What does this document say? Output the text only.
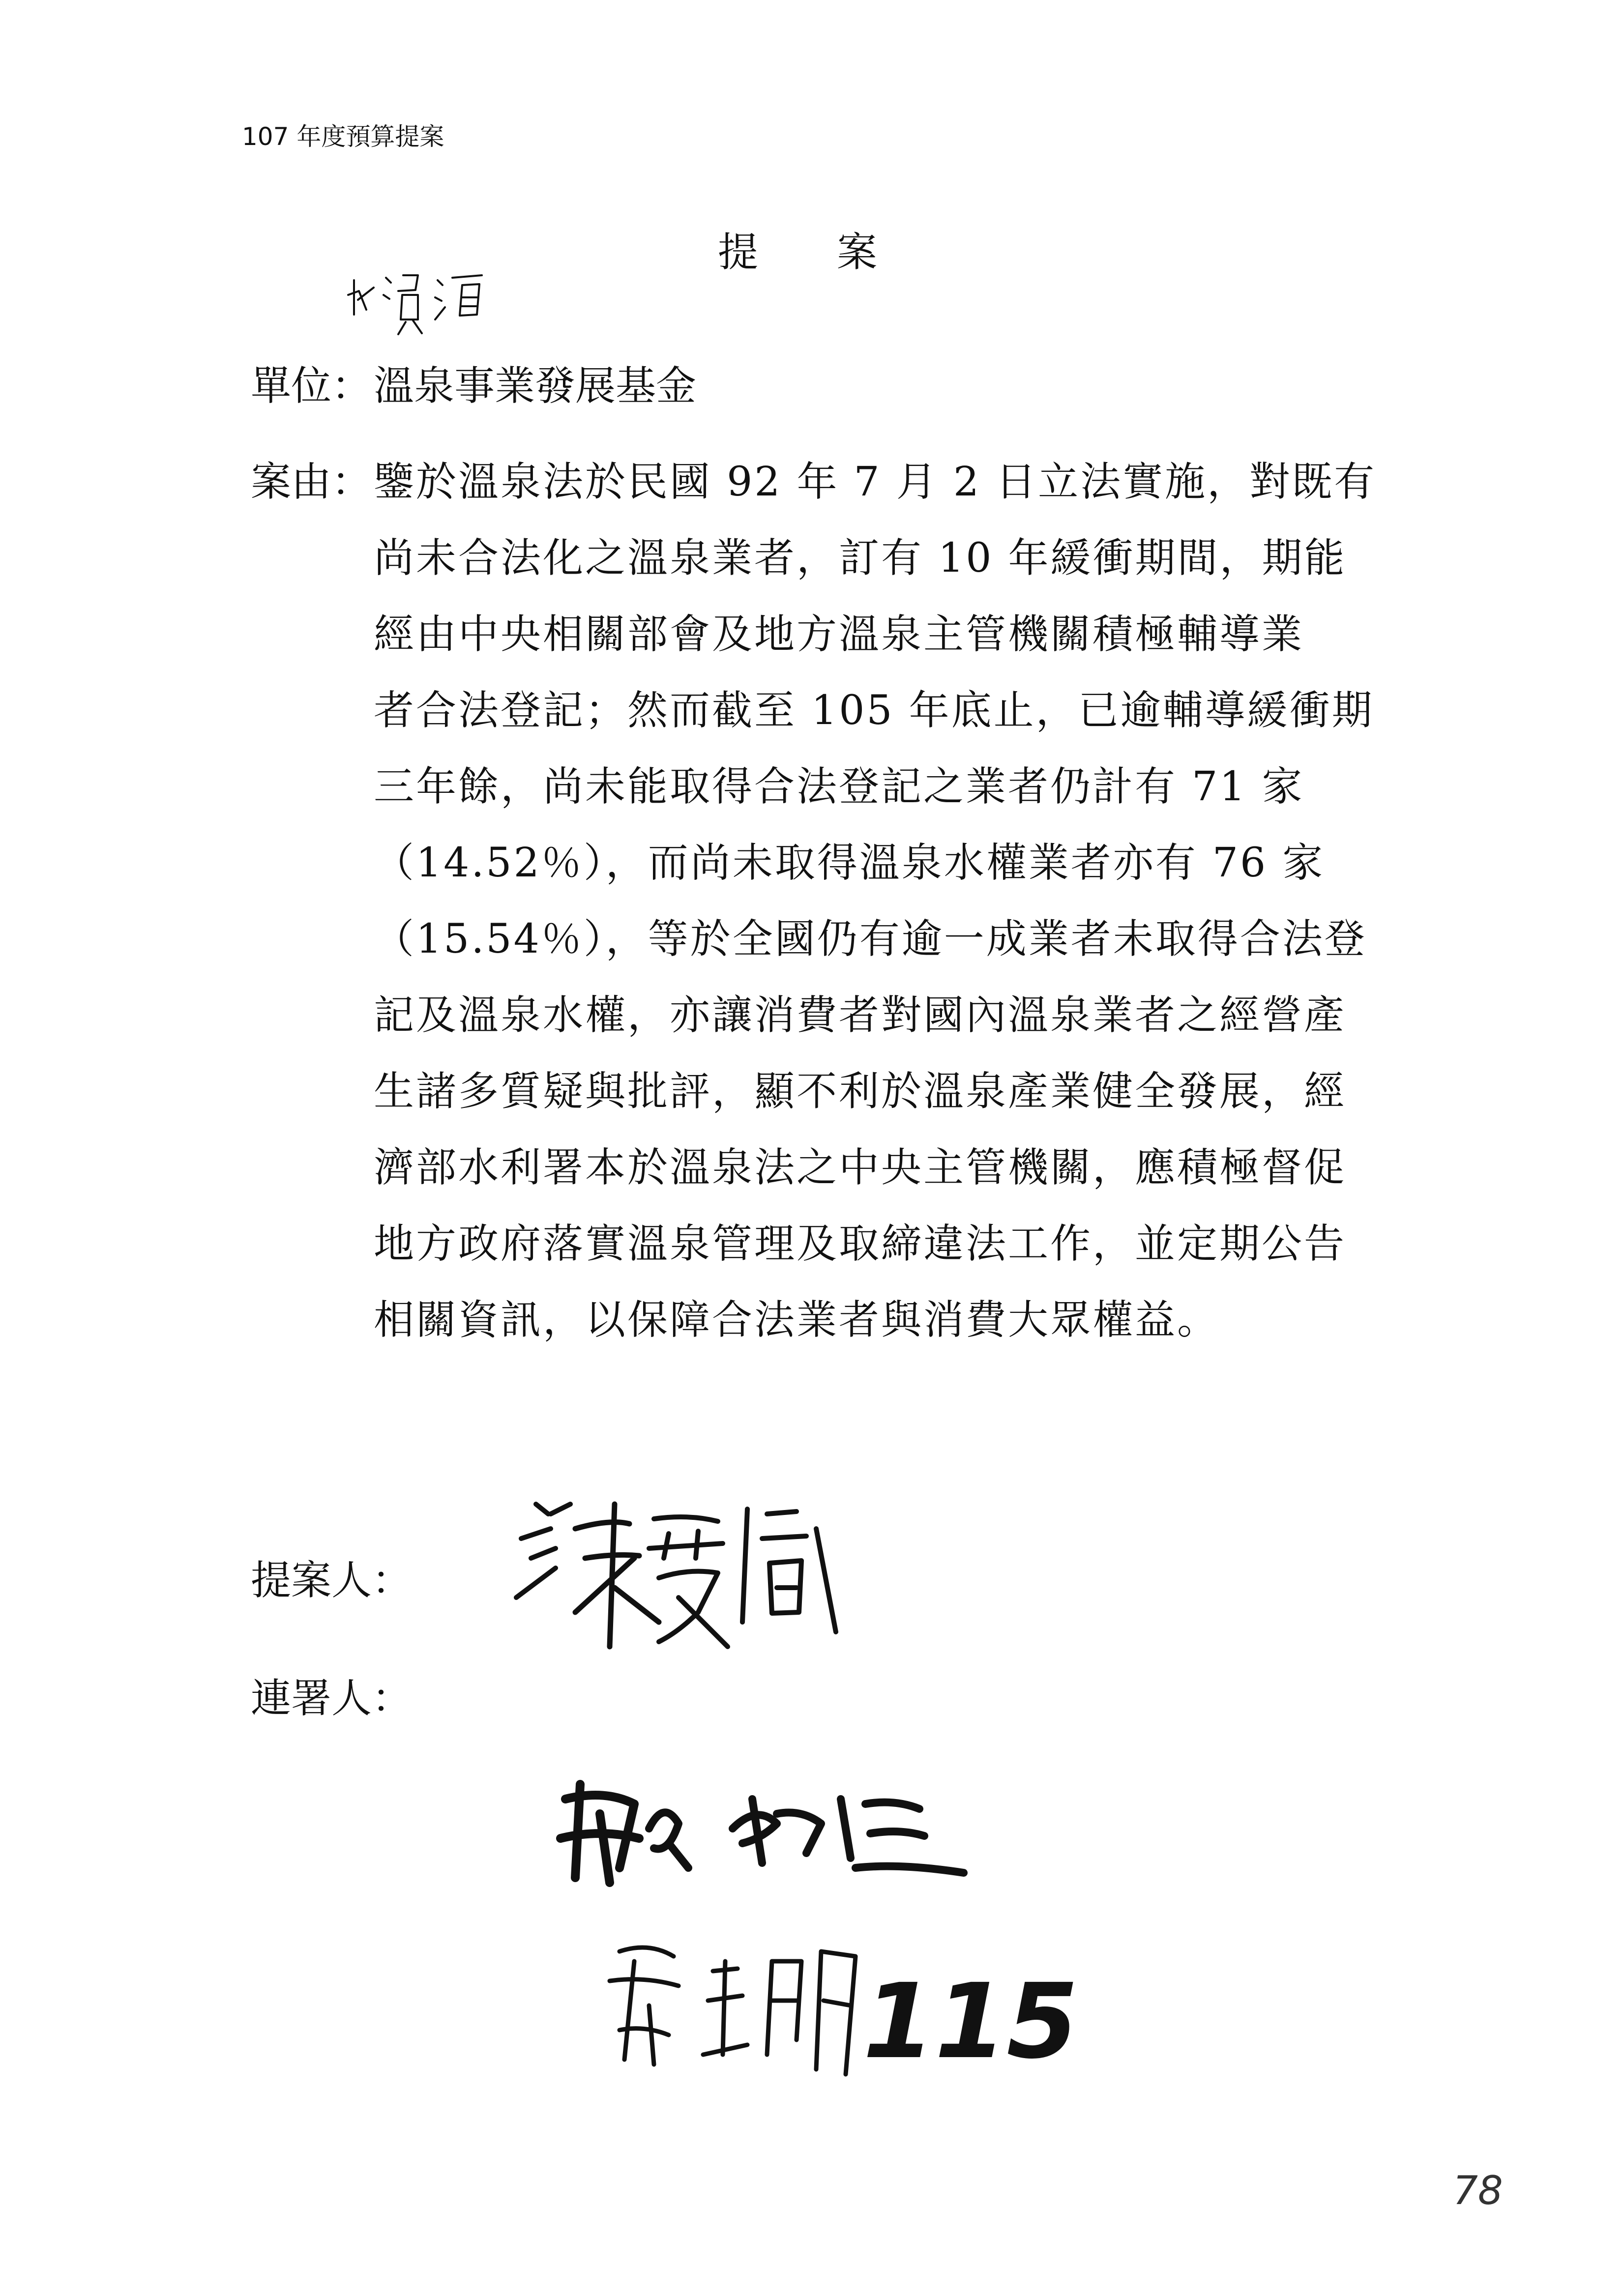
107 年度預算提案
提案
單位： 溫泉事業發展基金
案由： 鑒於溫泉法於民國 92 年 7 月 2 日立法實施，對既有
尚未合法化之溫泉業者，訂有 10 年緩衝期間，期能
經由中央相關部會及地方溫泉主管機關積極輔導業
者合法登記；然而截至 105 年底止，已逾輔導緩衝期
三年餘，尚未能取得合法登記之業者仍計有 71 家
（14.52％），而尚未取得溫泉水權業者亦有 76 家
（15.54％），等於全國仍有逾一成業者未取得合法登
記及溫泉水權，亦讓消費者對國內溫泉業者之經營產
生諸多質疑與批評，顯不利於溫泉產業健全發展，經
濟部水利署本於溫泉法之中央主管機關，應積極督促
地方政府落實溫泉管理及取締違法工作，並定期公告
相關資訊，以保障合法業者與消費大眾權益。
提案人：
連署人：
115
78
